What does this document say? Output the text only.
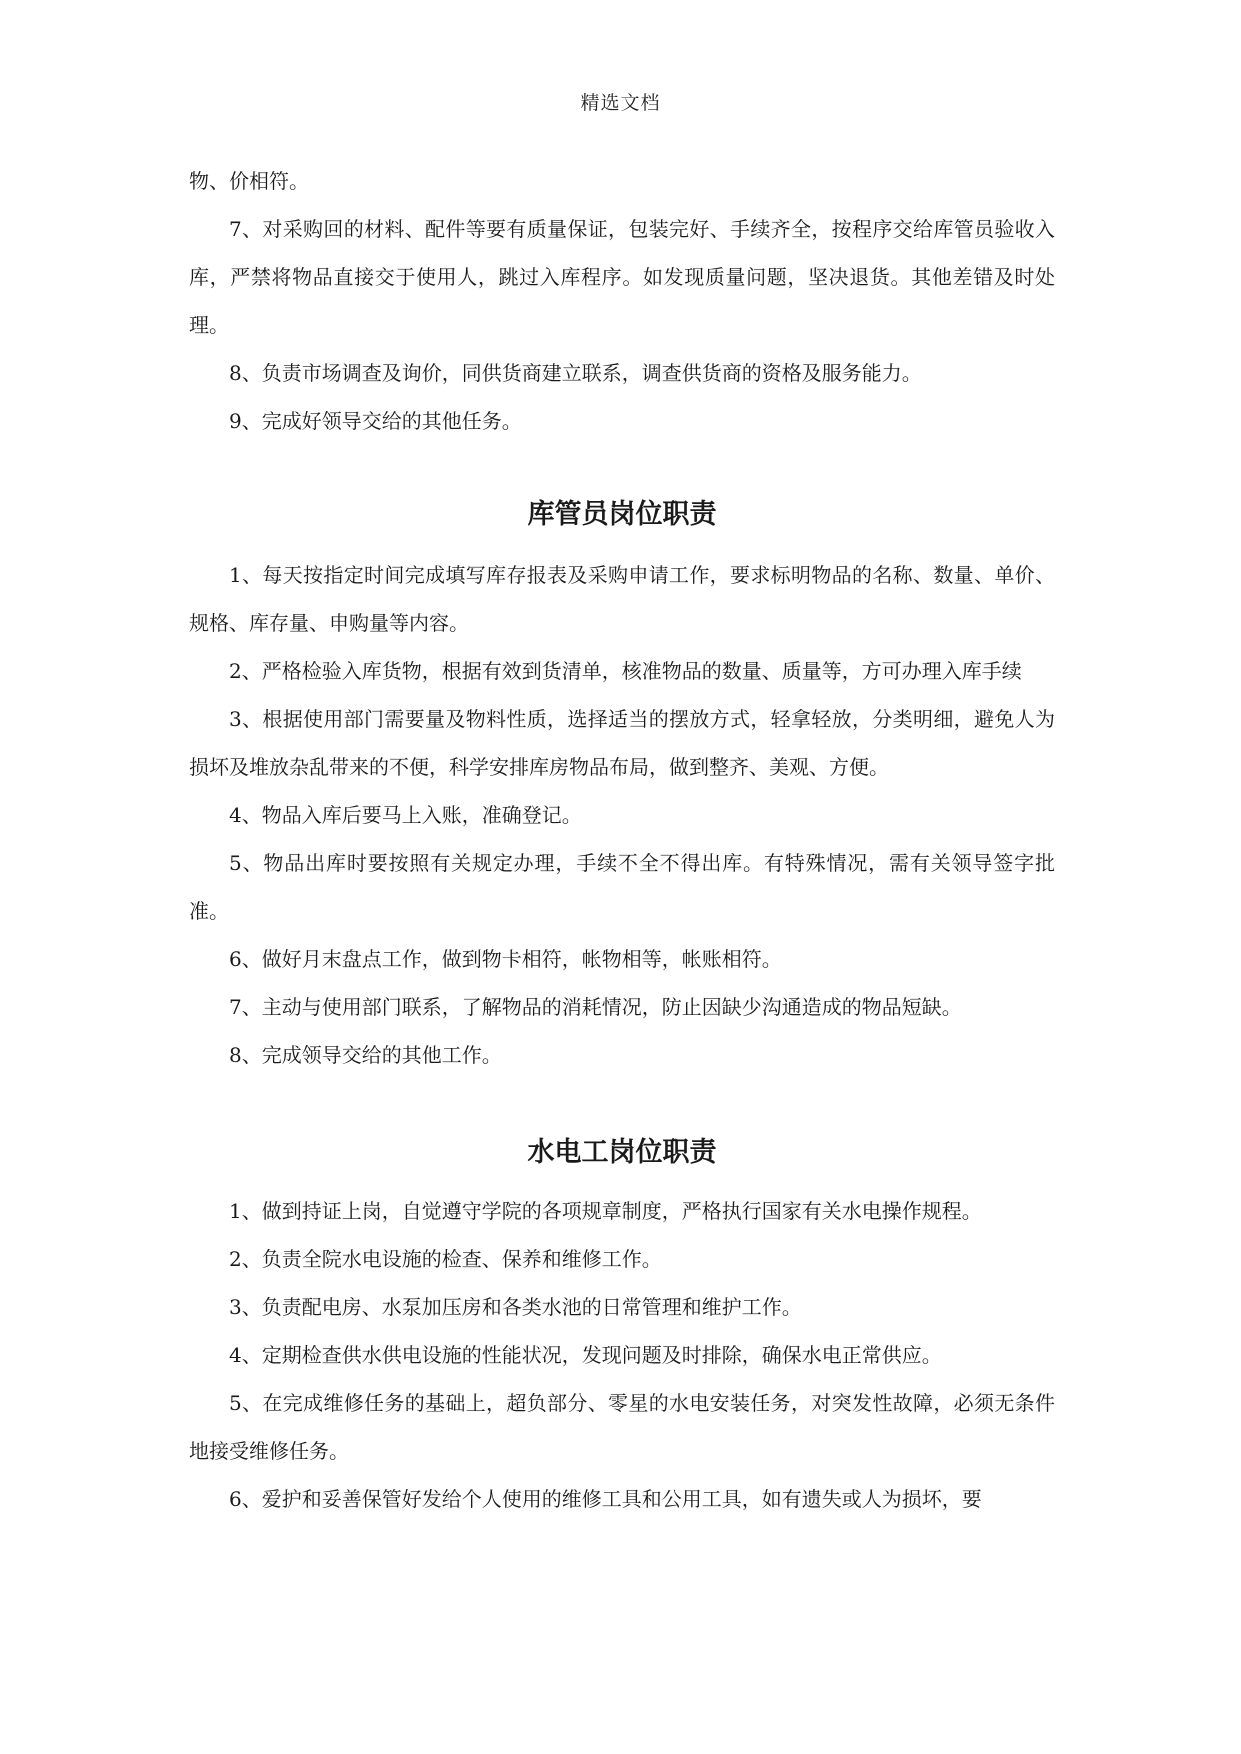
精选文档

物、价相符。

7、对采购回的材料、配件等要有质量保证，包装完好、手续齐全，按程序交给库管员验收入库，严禁将物品直接交于使用人，跳过入库程序。如发现质量问题，坚决退货。其他差错及时处理。

8、负责市场调查及询价，同供货商建立联系，调查供货商的资格及服务能力。

9、完成好领导交给的其他任务。

库管员岗位职责

1、每天按指定时间完成填写库存报表及采购申请工作，要求标明物品的名称、数量、单价、规格、库存量、申购量等内容。

2、严格检验入库货物，根据有效到货清单，核准物品的数量、质量等，方可办理入库手续

3、根据使用部门需要量及物料性质，选择适当的摆放方式，轻拿轻放，分类明细，避免人为损坏及堆放杂乱带来的不便，科学安排库房物品布局，做到整齐、美观、方便。

4、物品入库后要马上入账，准确登记。

5、物品出库时要按照有关规定办理，手续不全不得出库。有特殊情况，需有关领导签字批准。

6、做好月末盘点工作，做到物卡相符，帐物相等，帐账相符。

7、主动与使用部门联系，了解物品的消耗情况，防止因缺少沟通造成的物品短缺。

8、完成领导交给的其他工作。

水电工岗位职责

1、做到持证上岗，自觉遵守学院的各项规章制度，严格执行国家有关水电操作规程。

2、负责全院水电设施的检查、保养和维修工作。

3、负责配电房、水泵加压房和各类水池的日常管理和维护工作。

4、定期检查供水供电设施的性能状况，发现问题及时排除，确保水电正常供应。

5、在完成维修任务的基础上，超负部分、零星的水电安装任务，对突发性故障，必须无条件地接受维修任务。

6、爱护和妥善保管好发给个人使用的维修工具和公用工具，如有遗失或人为损坏，要
